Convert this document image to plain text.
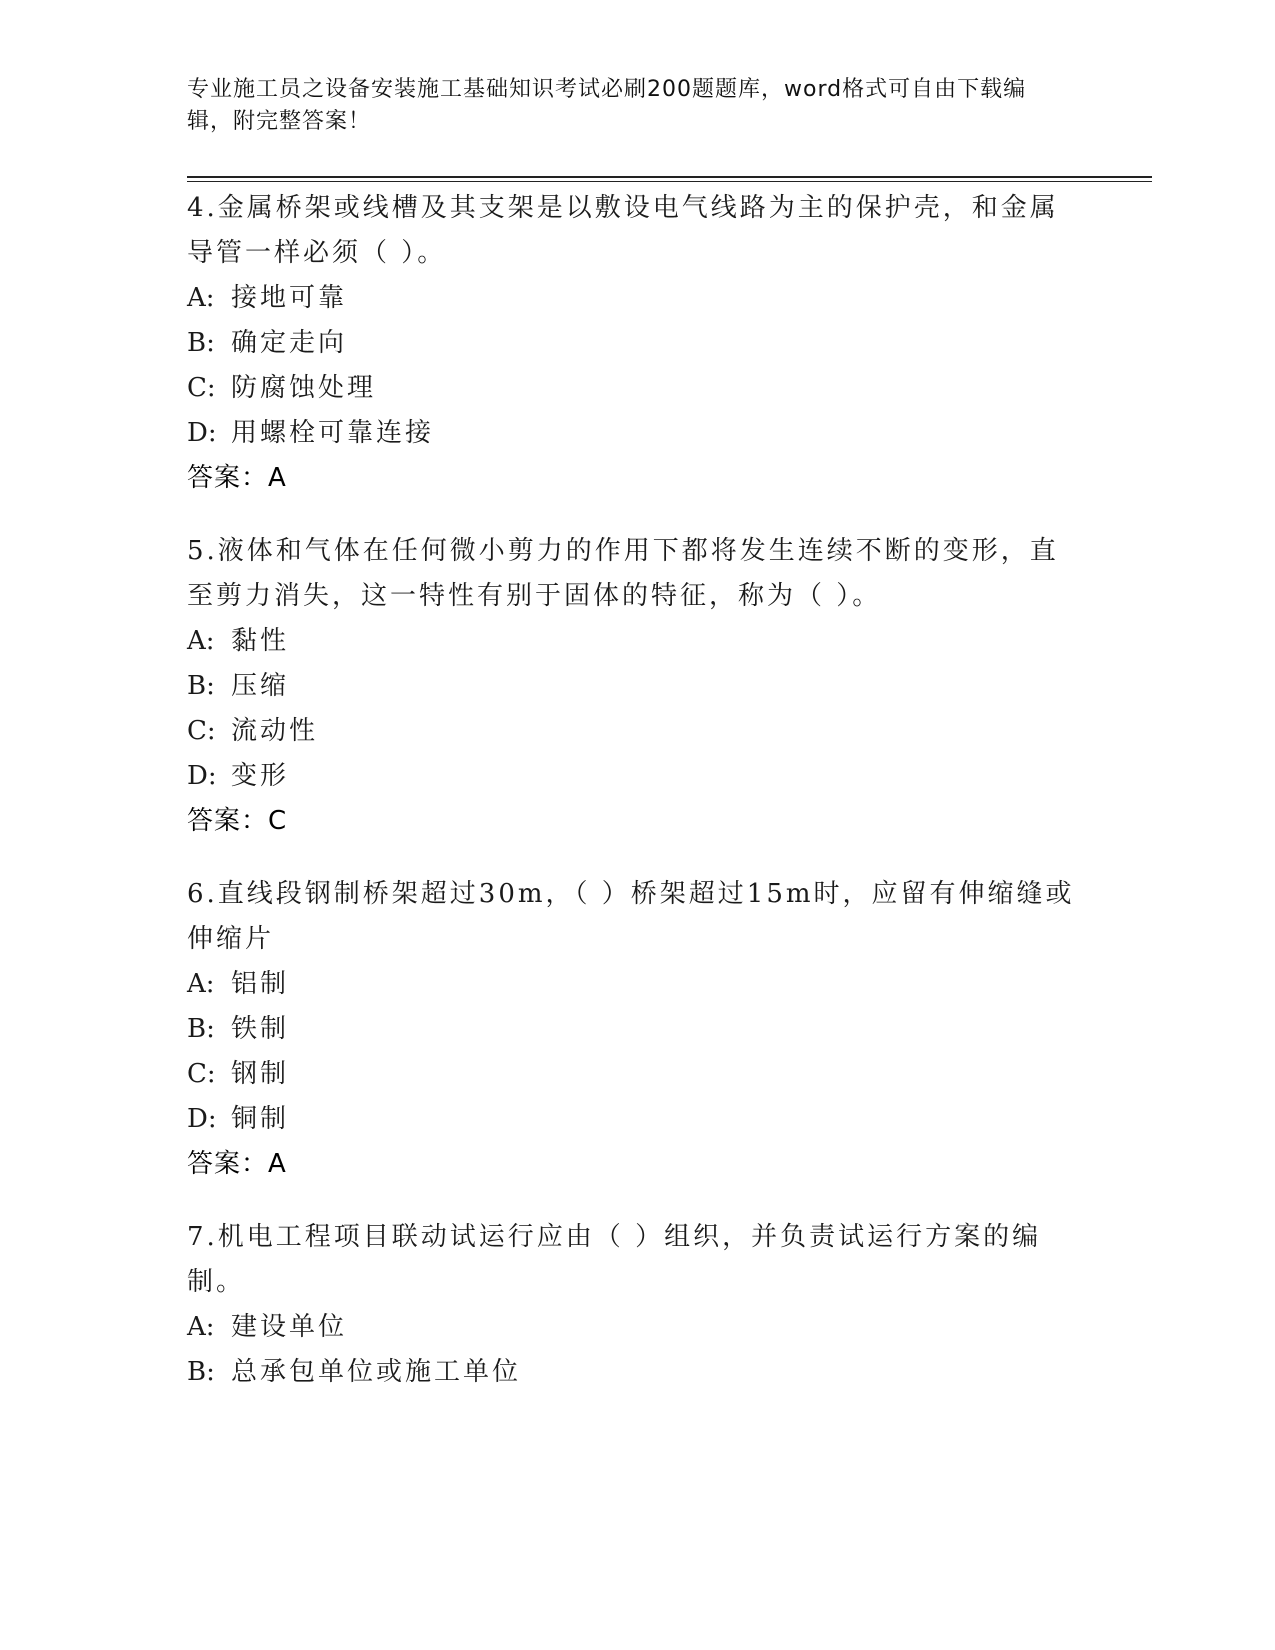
专业施工员之设备安装施工基础知识考试必刷200题题库，word格式可自由下载编辑，附完整答案！
4.金属桥架或线槽及其支架是以敷设电气线路为主的保护壳，和金属导管一样必须（ ）。
A: 接地可靠
B: 确定走向
C: 防腐蚀处理
D: 用螺栓可靠连接
答案：A
5.液体和气体在任何微小剪力的作用下都将发生连续不断的变形，直至剪力消失，这一特性有别于固体的特征，称为（ ）。
A: 黏性
B: 压缩
C: 流动性
D: 变形
答案：C
6.直线段钢制桥架超过30m，（ ）桥架超过15m时，应留有伸缩缝或伸缩片
A: 铝制
B: 铁制
C: 钢制
D: 铜制
答案：A
7.机电工程项目联动试运行应由（ ）组织，并负责试运行方案的编制。
A: 建设单位
B: 总承包单位或施工单位
